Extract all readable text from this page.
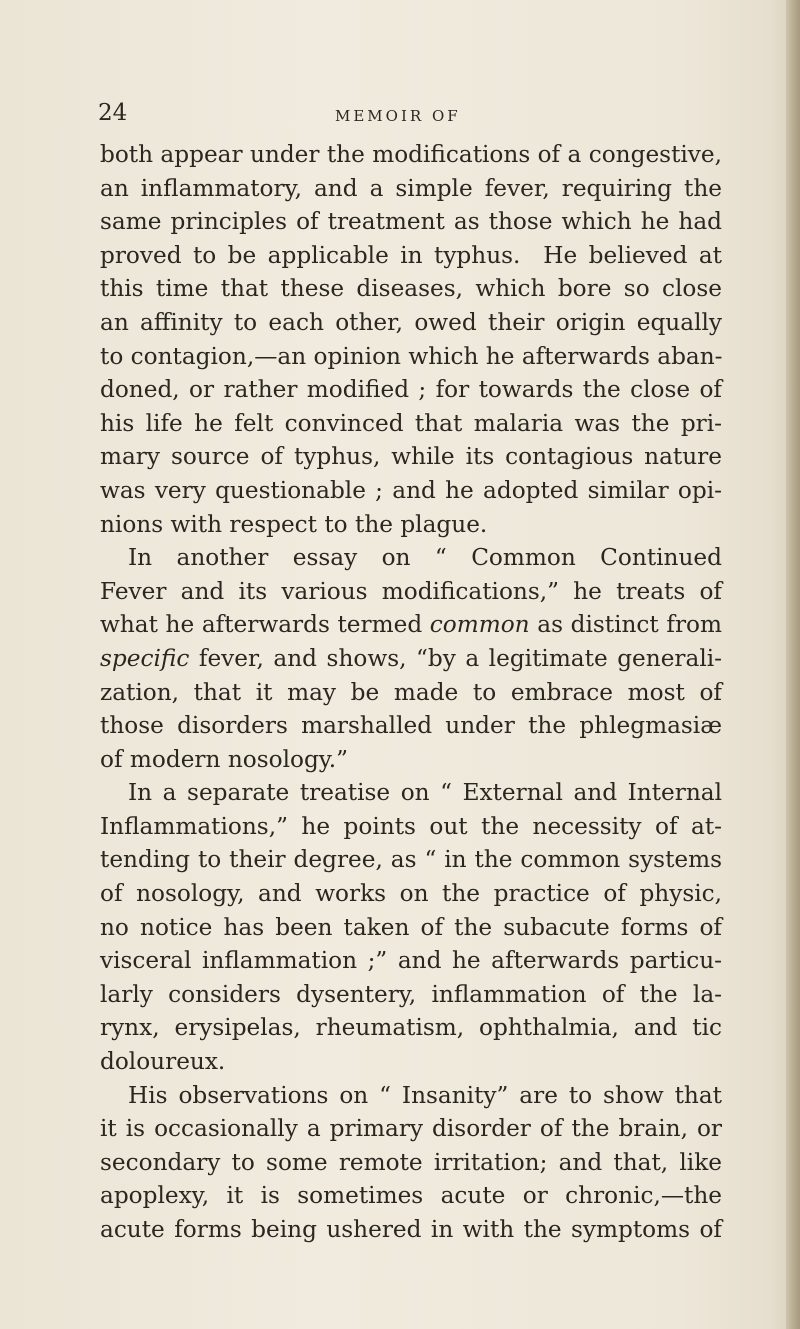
24	MEMOIR OF
both appear under the modifications of a congestive,
an inflammatory, and a simple fever, requiring the
same principles of treatment as those which he had
proved to be applicable in typhus.  He believed at
this time that these diseases, which bore so close
an affinity to each other, owed their origin equally
to contagion,—an opinion which he afterwards aban-
doned, or rather modified ; for towards the close of
his life he felt convinced that malaria was the pri-
mary source of typhus, while its contagious nature
was very questionable ; and he adopted similar opi-
nions with respect to the plague.
In another essay on “ Common Continued
Fever and its various modifications,” he treats of
what he afterwards termed common as distinct from
specific fever, and shows, “by a legitimate generali-
zation, that it may be made to embrace most of
those disorders marshalled under the phlegmasiæ
of modern nosology.”
In a separate treatise on “ External and Internal
Inflammations,” he points out the necessity of at-
tending to their degree, as “ in the common systems
of nosology, and works on the practice of physic,
no notice has been taken of the subacute forms of
visceral inflammation ;” and he afterwards particu-
larly considers dysentery, inflammation of the la-
rynx, erysipelas, rheumatism, ophthalmia, and tic
doloureux.
His observations on “ Insanity” are to show that
it is occasionally a primary disorder of the brain, or
secondary to some remote irritation; and that, like
apoplexy, it is sometimes acute or chronic,—the
acute forms being ushered in with the symptoms of
